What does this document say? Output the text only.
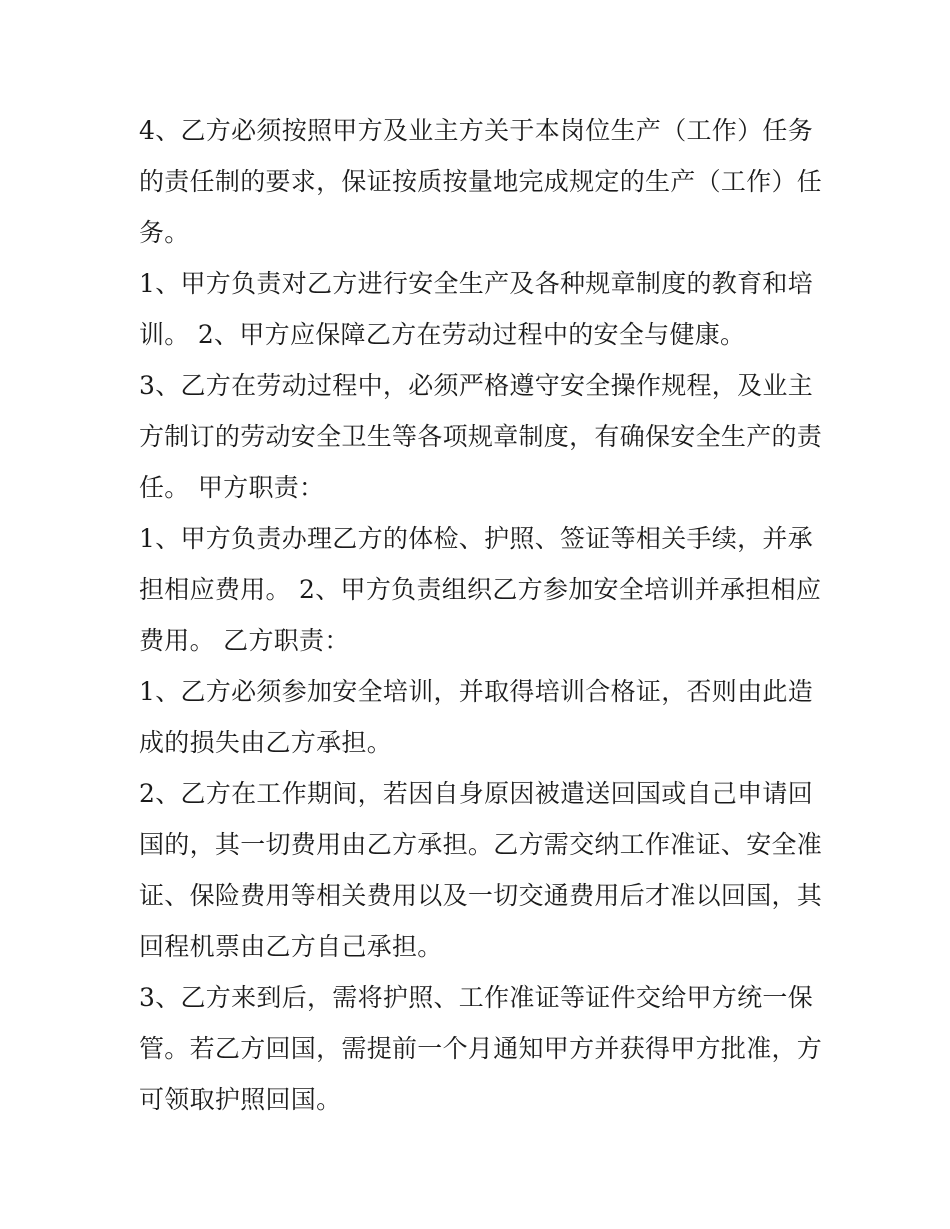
4、乙方必须按照甲方及业主方关于本岗位生产（工作）任务
的责任制的要求，保证按质按量地完成规定的生产（工作）任
务。
1、甲方负责对乙方进行安全生产及各种规章制度的教育和培
训。 2、甲方应保障乙方在劳动过程中的安全与健康。
3、乙方在劳动过程中，必须严格遵守安全操作规程，及业主
方制订的劳动安全卫生等各项规章制度，有确保安全生产的责
任。 甲方职责：
1、甲方负责办理乙方的体检、护照、签证等相关手续，并承
担相应费用。 2、甲方负责组织乙方参加安全培训并承担相应
费用。 乙方职责：
1、乙方必须参加安全培训，并取得培训合格证，否则由此造
成的损失由乙方承担。
2、乙方在工作期间，若因自身原因被遣送回国或自己申请回
国的，其一切费用由乙方承担。乙方需交纳工作准证、安全准
证、保险费用等相关费用以及一切交通费用后才准以回国，其
回程机票由乙方自己承担。
3、乙方来到后，需将护照、工作准证等证件交给甲方统一保
管。若乙方回国，需提前一个月通知甲方并获得甲方批准，方
可领取护照回国。
